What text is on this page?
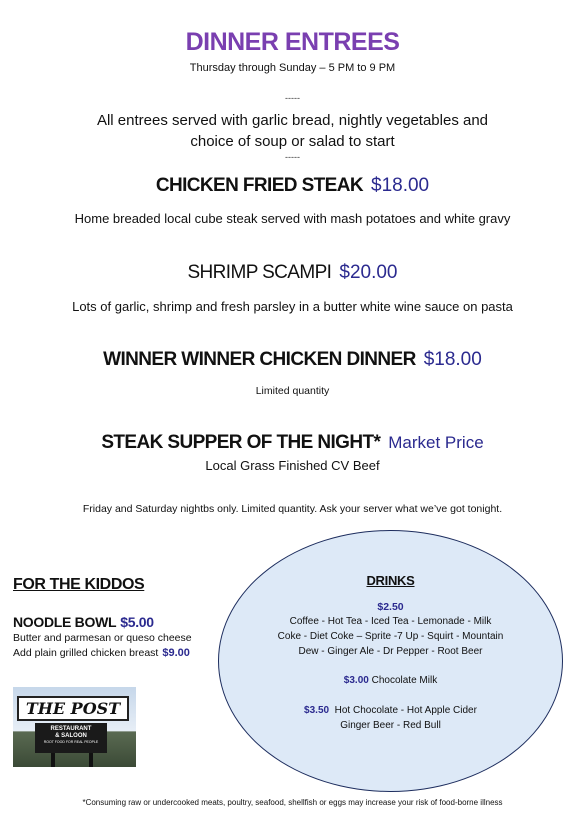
DINNER ENTREES
Thursday through Sunday – 5 PM to 9 PM
-----
All entrees served with garlic bread, nightly vegetables and
choice of soup or salad to start
-----
CHICKEN FRIED STEAK $18.00
Home breaded local cube steak served with mash potatoes and white gravy
SHRIMP SCAMPI $20.00
Lots of garlic, shrimp and fresh parsley in a butter white wine sauce on pasta
WINNER WINNER CHICKEN DINNER $18.00
Limited quantity
STEAK SUPPER OF THE NIGHT* Market Price
Local Grass Finished CV Beef
Friday and Saturday nightbs only. Limited quantity. Ask your server what we’ve got tonight.
FOR THE KIDDOS
NOODLE BOWL $5.00
Butter and parmesan or queso cheese
Add plain grilled chicken breast $9.00
THE POST
RESTAURANT
& SALOON
ROOT FOOD FOR REAL PEOPLE
DRINKS
$2.50
Coffee - Hot Tea - Iced Tea - Lemonade - Milk
Coke - Diet Coke – Sprite -7 Up - Squirt - Mountain
Dew - Ginger Ale - Dr Pepper - Root Beer
$3.00 Chocolate Milk
$3.50 Hot Chocolate - Hot Apple Cider
Ginger Beer - Red Bull
*Consuming raw or undercooked meats, poultry, seafood, shellfish or eggs may increase your risk of food-borne illness
